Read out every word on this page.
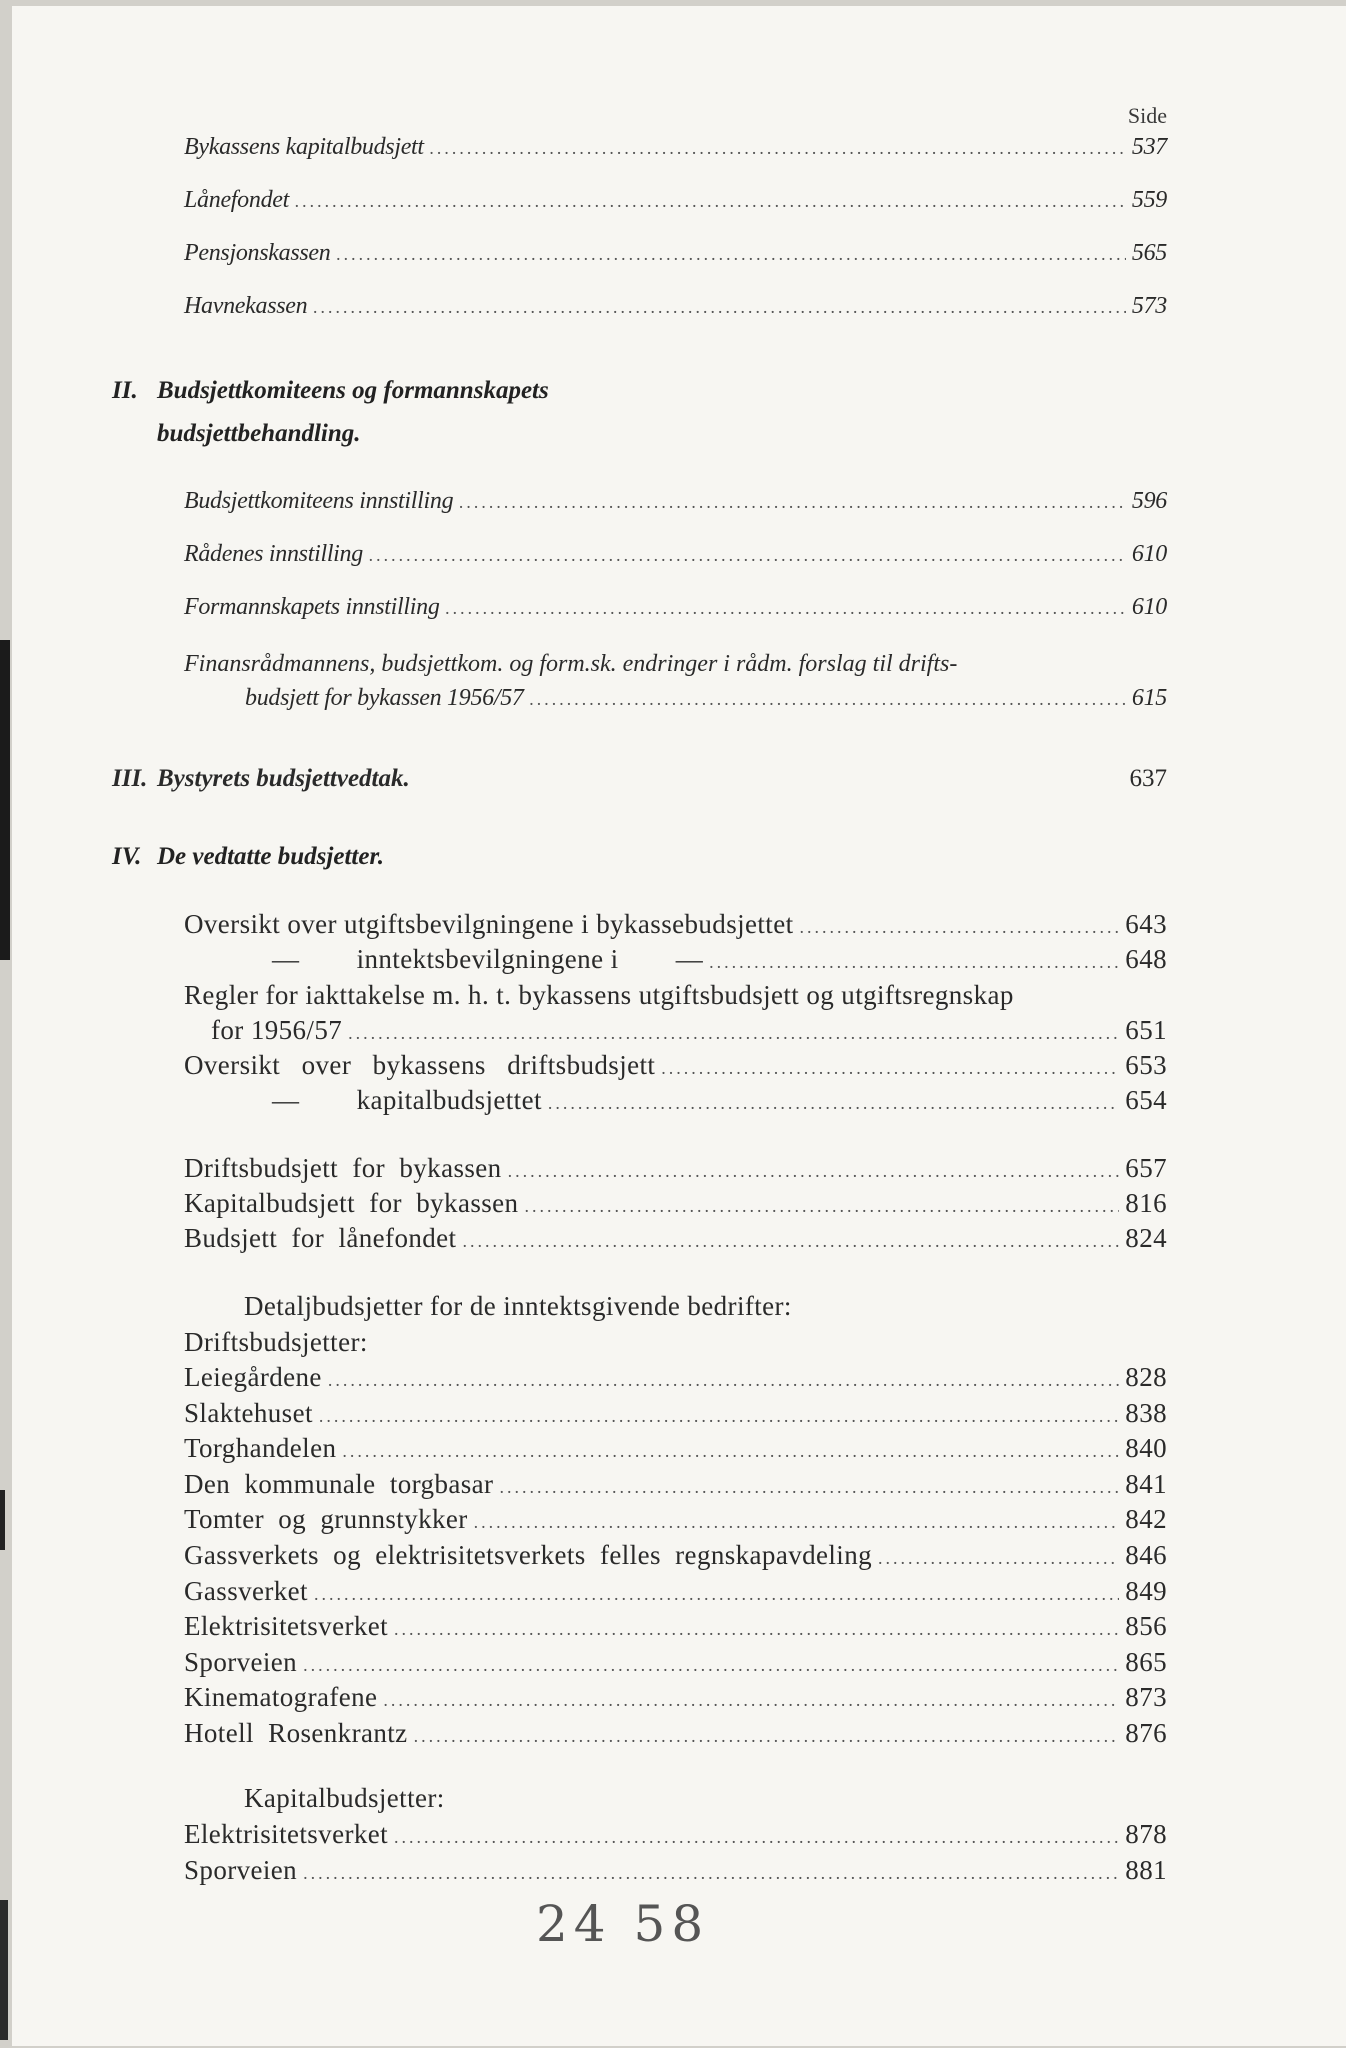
Side
Bykassens kapitalbudsjett .....	537
Lånefondet .....	559
Pensjonskassen .....	565
Havnekassen .....	573
II. Budsjettkomiteens og formannskapets
budsjettbehandling.
Budsjettkomiteens innstilling .....	596
Rådenes innstilling .....	610
Formannskapets innstilling .....	610
Finansrådmannens, budsjettkom. og form.sk. endringer i rådm. forslag til drifts-
budsjett for bykassen 1956/57 .....	615
III. Bystyrets budsjettvedtak.	637
IV. De vedtatte budsjetter.
Oversikt over utgiftsbevilgningene i bykassebudsjettet .....	643
—        inntektsbevilgningene i        — .....	648
Regler for iakttakelse m. h. t. bykassens utgiftsbudsjett og utgiftsregnskap
for 1956/57 .....	651
Oversikt   over   bykassens   driftsbudsjett .....	653
—        kapitalbudsjettet .....	654
Driftsbudsjett  for  bykassen .....	657
Kapitalbudsjett  for  bykassen .....	816
Budsjett  for  lånefondet .....	824
Detaljbudsjetter for de inntektsgivende bedrifter:
Driftsbudsjetter:
Leiegårdene .....	828
Slaktehuset .....	838
Torghandelen .....	840
Den  kommunale  torgbasar .....	841
Tomter  og  grunnstykker .....	842
Gassverkets  og  elektrisitetsverkets  felles  regnskapavdeling .....	846
Gassverket .....	849
Elektrisitetsverket .....	856
Sporveien .....	865
Kinematografene .....	873
Hotell  Rosenkrantz .....	876
Kapitalbudsjetter:
Elektrisitetsverket .....	878
Sporveien .....	881
24 58
